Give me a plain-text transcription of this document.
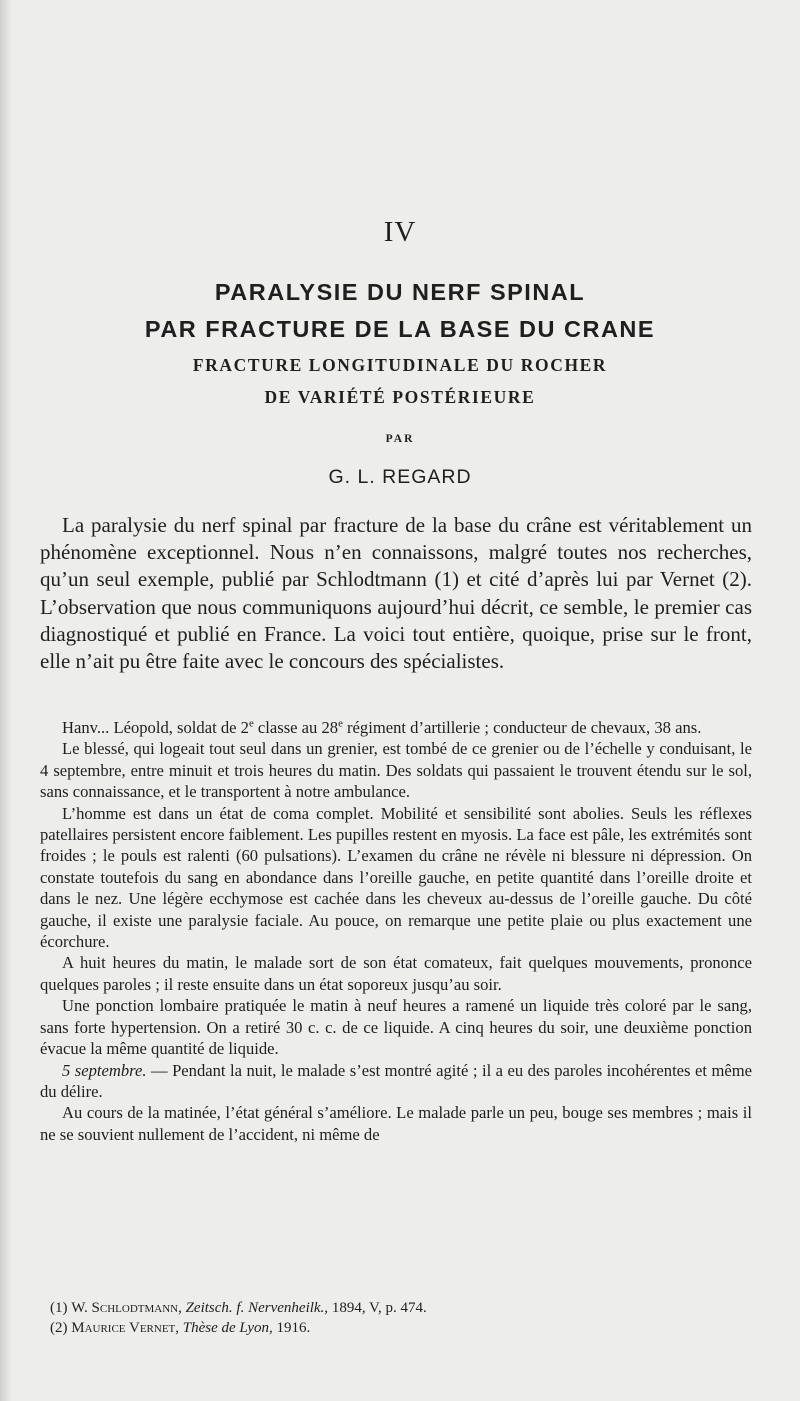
IV
PARALYSIE DU NERF SPINAL
PAR FRACTURE DE LA BASE DU CRANE
FRACTURE LONGITUDINALE DU ROCHER
DE VARIÉTÉ POSTÉRIEURE
PAR
G. L. REGARD

La paralysie du nerf spinal par fracture de la base du crâne est véritablement un phénomène exceptionnel. Nous n’en connaissons, malgré toutes nos recherches, qu’un seul exemple, publié par Schlodtmann (1) et cité d’après lui par Vernet (2). L’observation que nous communiquons aujourd’hui décrit, ce semble, le premier cas diagnostiqué et publié en France. La voici tout entière, quoique, prise sur le front, elle n’ait pu être faite avec le concours des spécialistes.

Hanv... Léopold, soldat de 2e classe au 28e régiment d’artillerie ; conducteur de chevaux, 38 ans.

Le blessé, qui logeait tout seul dans un grenier, est tombé de ce grenier ou de l’échelle y conduisant, le 4 septembre, entre minuit et trois heures du matin. Des soldats qui passaient le trouvent étendu sur le sol, sans connaissance, et le transportent à notre ambulance.

L’homme est dans un état de coma complet. Mobilité et sensibilité sont abolies. Seuls les réflexes patellaires persistent encore faiblement. Les pupilles restent en myosis. La face est pâle, les extrémités sont froides ; le pouls est ralenti (60 pulsations). L’examen du crâne ne révèle ni blessure ni dépression. On constate toutefois du sang en abondance dans l’oreille gauche, en petite quantité dans l’oreille droite et dans le nez. Une légère ecchymose est cachée dans les cheveux au-dessus de l’oreille gauche. Du côté gauche, il existe une paralysie faciale. Au pouce, on remarque une petite plaie ou plus exactement une écorchure.

A huit heures du matin, le malade sort de son état comateux, fait quelques mouvements, prononce quelques paroles ; il reste ensuite dans un état soporeux jusqu’au soir.

Une ponction lombaire pratiquée le matin à neuf heures a ramené un liquide très coloré par le sang, sans forte hypertension. On a retiré 30 c. c. de ce liquide. A cinq heures du soir, une deuxième ponction évacue la même quantité de liquide.

5 septembre. — Pendant la nuit, le malade s’est montré agité ; il a eu des paroles incohérentes et même du délire.

Au cours de la matinée, l’état général s’améliore. Le malade parle un peu, bouge ses membres ; mais il ne se souvient nullement de l’accident, ni même de

(1) W. Schlodtmann, Zeitsch. f. Nervenheilk., 1894, V, p. 474.
(2) Maurice Vernet, Thèse de Lyon, 1916.
